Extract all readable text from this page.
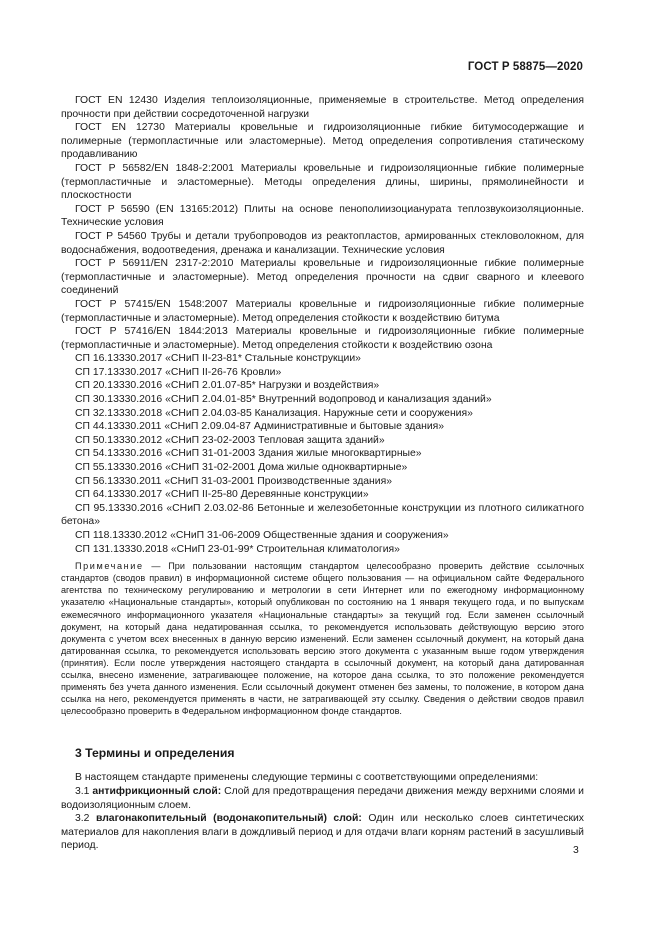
ГОСТ Р 58875—2020

ГОСТ EN 12430 Изделия теплоизоляционные, применяемые в строительстве. Метод определения прочности при действии сосредоточенной нагрузки

ГОСТ EN 12730 Материалы кровельные и гидроизоляционные гибкие битумосодержащие и полимерные (термопластичные или эластомерные). Метод определения сопротивления статическому продавливанию

ГОСТ Р 56582/EN 1848-2:2001 Материалы кровельные и гидроизоляционные гибкие полимерные (термопластичные и эластомерные). Методы определения длины, ширины, прямолинейности и плоскостности

ГОСТ Р 56590 (EN 13165:2012) Плиты на основе пенополиизоцианурата теплозвукоизоляционные. Технические условия

ГОСТ Р 54560 Трубы и детали трубопроводов из реактопластов, армированных стекловолокном, для водоснабжения, водоотведения, дренажа и канализации. Технические условия

ГОСТ Р 56911/EN 2317-2:2010 Материалы кровельные и гидроизоляционные гибкие полимерные (термопластичные и эластомерные). Метод определения прочности на сдвиг сварного и клеевого соединений

ГОСТ Р 57415/EN 1548:2007 Материалы кровельные и гидроизоляционные гибкие полимерные (термопластичные и эластомерные). Метод определения стойкости к воздействию битума

ГОСТ Р 57416/EN 1844:2013 Материалы кровельные и гидроизоляционные гибкие полимерные (термопластичные и эластомерные). Метод определения стойкости к воздействию озона

СП 16.13330.2017 «СНиП II-23-81* Стальные конструкции»

СП 17.13330.2017 «СНиП II-26-76 Кровли»

СП 20.13330.2016 «СНиП 2.01.07-85* Нагрузки и воздействия»

СП 30.13330.2016 «СНиП 2.04.01-85* Внутренний водопровод и канализация зданий»

СП 32.13330.2018 «СНиП 2.04.03-85 Канализация. Наружные сети и сооружения»

СП 44.13330.2011 «СНиП 2.09.04-87 Административные и бытовые здания»

СП 50.13330.2012 «СНиП 23-02-2003 Тепловая защита зданий»

СП 54.13330.2016 «СНиП 31-01-2003 Здания жилые многоквартирные»

СП 55.13330.2016 «СНиП 31-02-2001 Дома жилые одноквартирные»

СП 56.13330.2011 «СНиП 31-03-2001 Производственные здания»

СП 64.13330.2017 «СНиП II-25-80 Деревянные конструкции»

СП 95.13330.2016 «СНиП 2.03.02-86 Бетонные и железобетонные конструкции из плотного силикатного бетона»

СП 118.13330.2012 «СНиП 31-06-2009 Общественные здания и сооружения»

СП 131.13330.2018 «СНиП 23-01-99* Строительная климатология»

Примечание — При пользовании настоящим стандартом целесообразно проверить действие ссылочных стандартов (сводов правил) в информационной системе общего пользования — на официальном сайте Федерального агентства по техническому регулированию и метрологии в сети Интернет или по ежегодному информационному указателю «Национальные стандарты», который опубликован по состоянию на 1 января текущего года, и по выпускам ежемесячного информационного указателя «Национальные стандарты» за текущий год. Если заменен ссылочный документ, на который дана недатированная ссылка, то рекомендуется использовать действующую версию этого документа с учетом всех внесенных в данную версию изменений. Если заменен ссылочный документ, на который дана датированная ссылка, то рекомендуется использовать версию этого документа с указанным выше годом утверждения (принятия). Если после утверждения настоящего стандарта в ссылочный документ, на который дана датированная ссылка, внесено изменение, затрагивающее положение, на которое дана ссылка, то это положение рекомендуется применять без учета данного изменения. Если ссылочный документ отменен без замены, то положение, в котором дана ссылка на него, рекомендуется применять в части, не затрагивающей эту ссылку. Сведения о действии сводов правил целесообразно проверить в Федеральном информационном фонде стандартов.

3 Термины и определения

В настоящем стандарте применены следующие термины с соответствующими определениями:

3.1 антифрикционный слой: Слой для предотвращения передачи движения между верхними слоями и водоизоляционным слоем.

3.2 влагонакопительный (водонакопительный) слой: Один или несколько слоев синтетических материалов для накопления влаги в дождливый период и для отдачи влаги корням растений в засушливый период.	3
